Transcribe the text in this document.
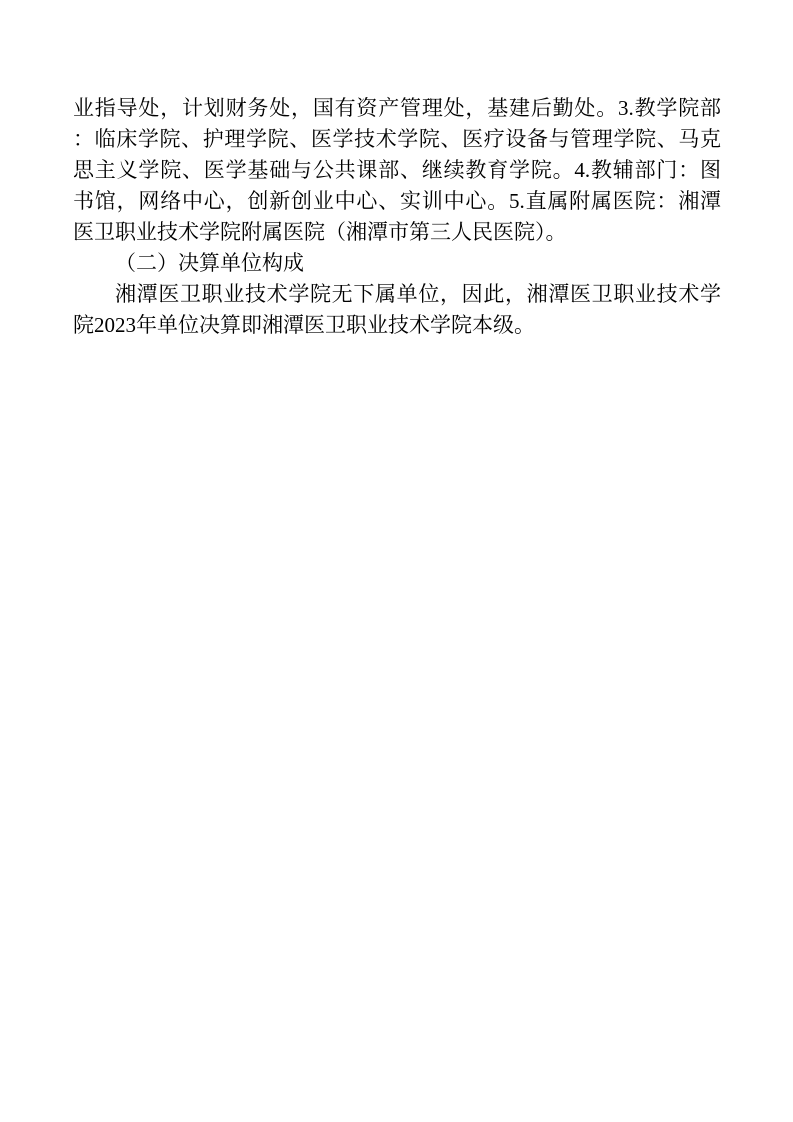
业指导处，计划财务处，国有资产管理处，基建后勤处。3.教学院部
：临床学院、护理学院、医学技术学院、医疗设备与管理学院、马克
思主义学院、医学基础与公共课部、继续教育学院。4.教辅部门：图
书馆，网络中心，创新创业中心、实训中心。5.直属附属医院：湘潭
医卫职业技术学院附属医院（湘潭市第三人民医院）。
（二）决算单位构成
湘潭医卫职业技术学院无下属单位，因此，湘潭医卫职业技术学
院2023年单位决算即湘潭医卫职业技术学院本级。
